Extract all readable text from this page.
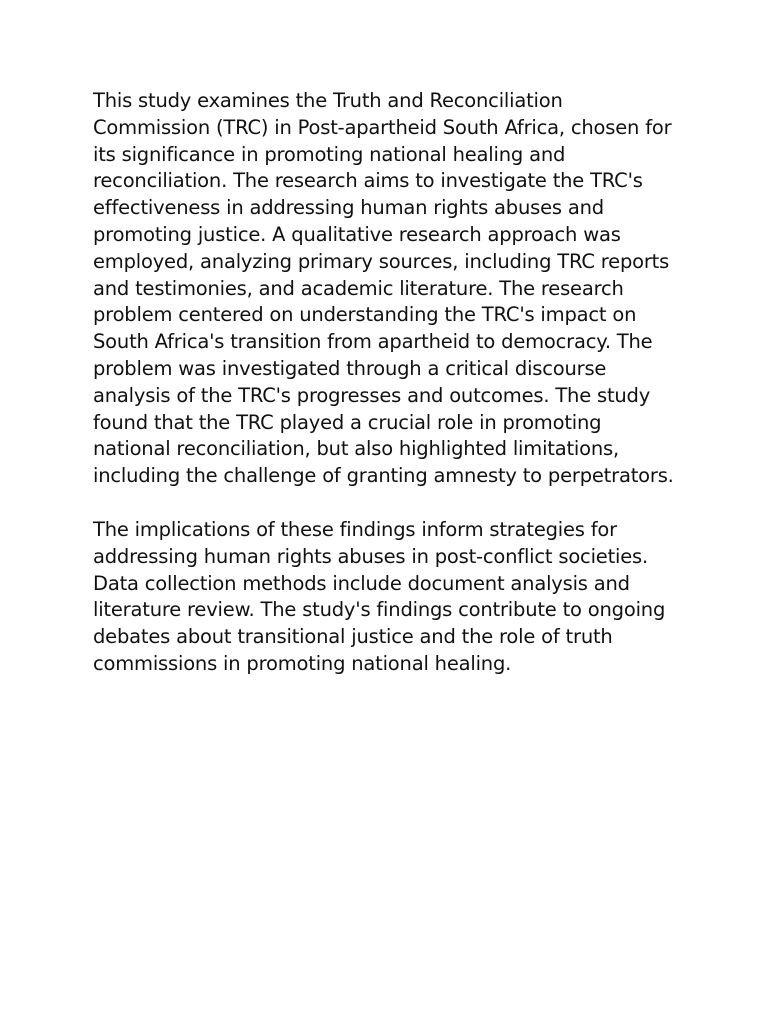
This study examines the Truth and Reconciliation Commission (TRC) in Post-apartheid South Africa, chosen for its significance in promoting national healing and reconciliation. The research aims to investigate the TRC's effectiveness in addressing human rights abuses and promoting justice. A qualitative research approach was employed, analyzing primary sources, including TRC reports and testimonies, and academic literature. The research problem centered on understanding the TRC's impact on South Africa's transition from apartheid to democracy. The problem was investigated through a critical discourse analysis of the TRC's progresses and outcomes. The study found that the TRC played a crucial role in promoting national reconciliation, but also highlighted limitations, including the challenge of granting amnesty to perpetrators.

The implications of these findings inform strategies for addressing human rights abuses in post-conflict societies. Data collection methods include document analysis and literature review. The study's findings contribute to ongoing debates about transitional justice and the role of truth commissions in promoting national healing.
